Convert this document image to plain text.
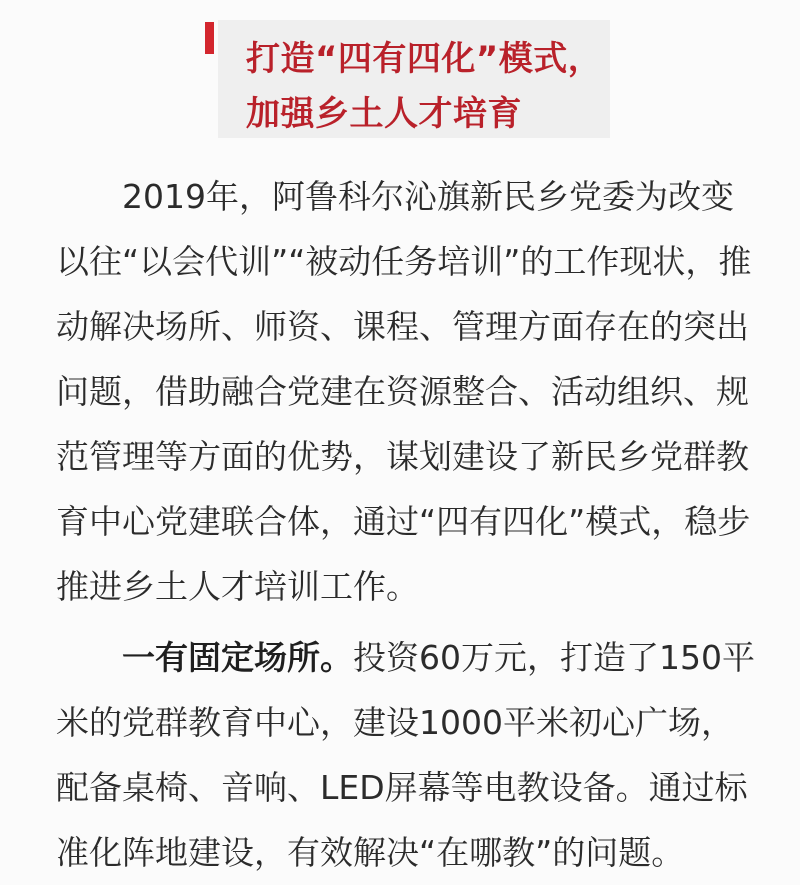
打造“四有四化”模式，
加强乡土人才培育

　　2019年，阿鲁科尔沁旗新民乡党委为改变
以往“以会代训”“被动任务培训”的工作现状，推
动解决场所、师资、课程、管理方面存在的突出
问题，借助融合党建在资源整合、活动组织、规
范管理等方面的优势，谋划建设了新民乡党群教
育中心党建联合体，通过“四有四化”模式，稳步
推进乡土人才培训工作。

　　一有固定场所。投资60万元，打造了150平
米的党群教育中心，建设1000平米初心广场，
配备桌椅、音响、LED屏幕等电教设备。通过标
准化阵地建设，有效解决“在哪教”的问题。
